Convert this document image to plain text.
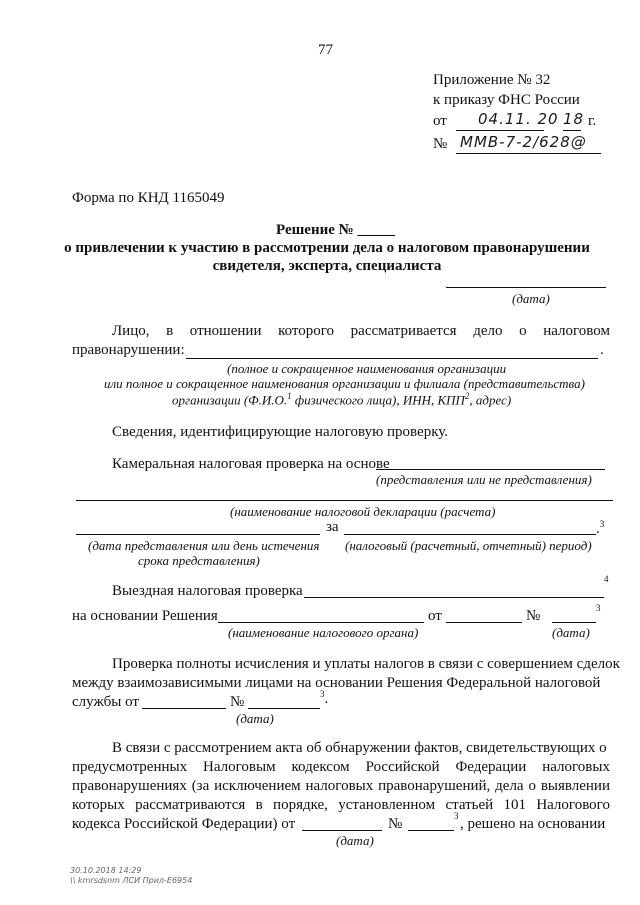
77
Приложение № 32
к приказу ФНС России
от 04.11. 20 18 г.
№ ММВ-7-2/628@
Форма по КНД 1165049
Решение № _____
о привлечении к участию в рассмотрении дела о налоговом правонарушении
свидетеля, эксперта, специалиста
(дата)
Лицо, в отношении которого рассматривается дело о налоговом
правонарушении:	.
(полное и сокращенное наименования организации
или полное и сокращенное наименования организации и филиала (представительства)
организации (Ф.И.О.$^1$ физического лица), ИНН, КПП$^2$, адрес)
Сведения, идентифицирующие налоговую проверку.
Камеральная налоговая проверка на основе
(представления или не представления)
(наименование налоговой декларации (расчета)
за	.$^3$
(дата представления или день истечения
срока представления)
(налоговый (расчетный, отчетный) период)
Выездная налоговая проверка
$^4$
на основании Решения	от	№	$^3$
(наименование налогового органа)	(дата)
Проверка полноты исчисления и уплаты налогов в связи с совершением сделок
между взаимозависимыми лицами на основании Решения Федеральной налоговой
службы от	№	$^3$.
(дата)
В связи с рассмотрением акта об обнаружении фактов, свидетельствующих о
предусмотренных Налоговым кодексом Российской Федерации налоговых
правонарушениях (за исключением налоговых правонарушений, дела о выявлении
которых рассматриваются в порядке, установленном статьей 101 Налогового
кодекса Российской Федерации) от	№	$^3$ , решено на основании
(дата)
30.10.2018 14:29
\\ kmrsdsnm ЛСИ Прил-Е6954
